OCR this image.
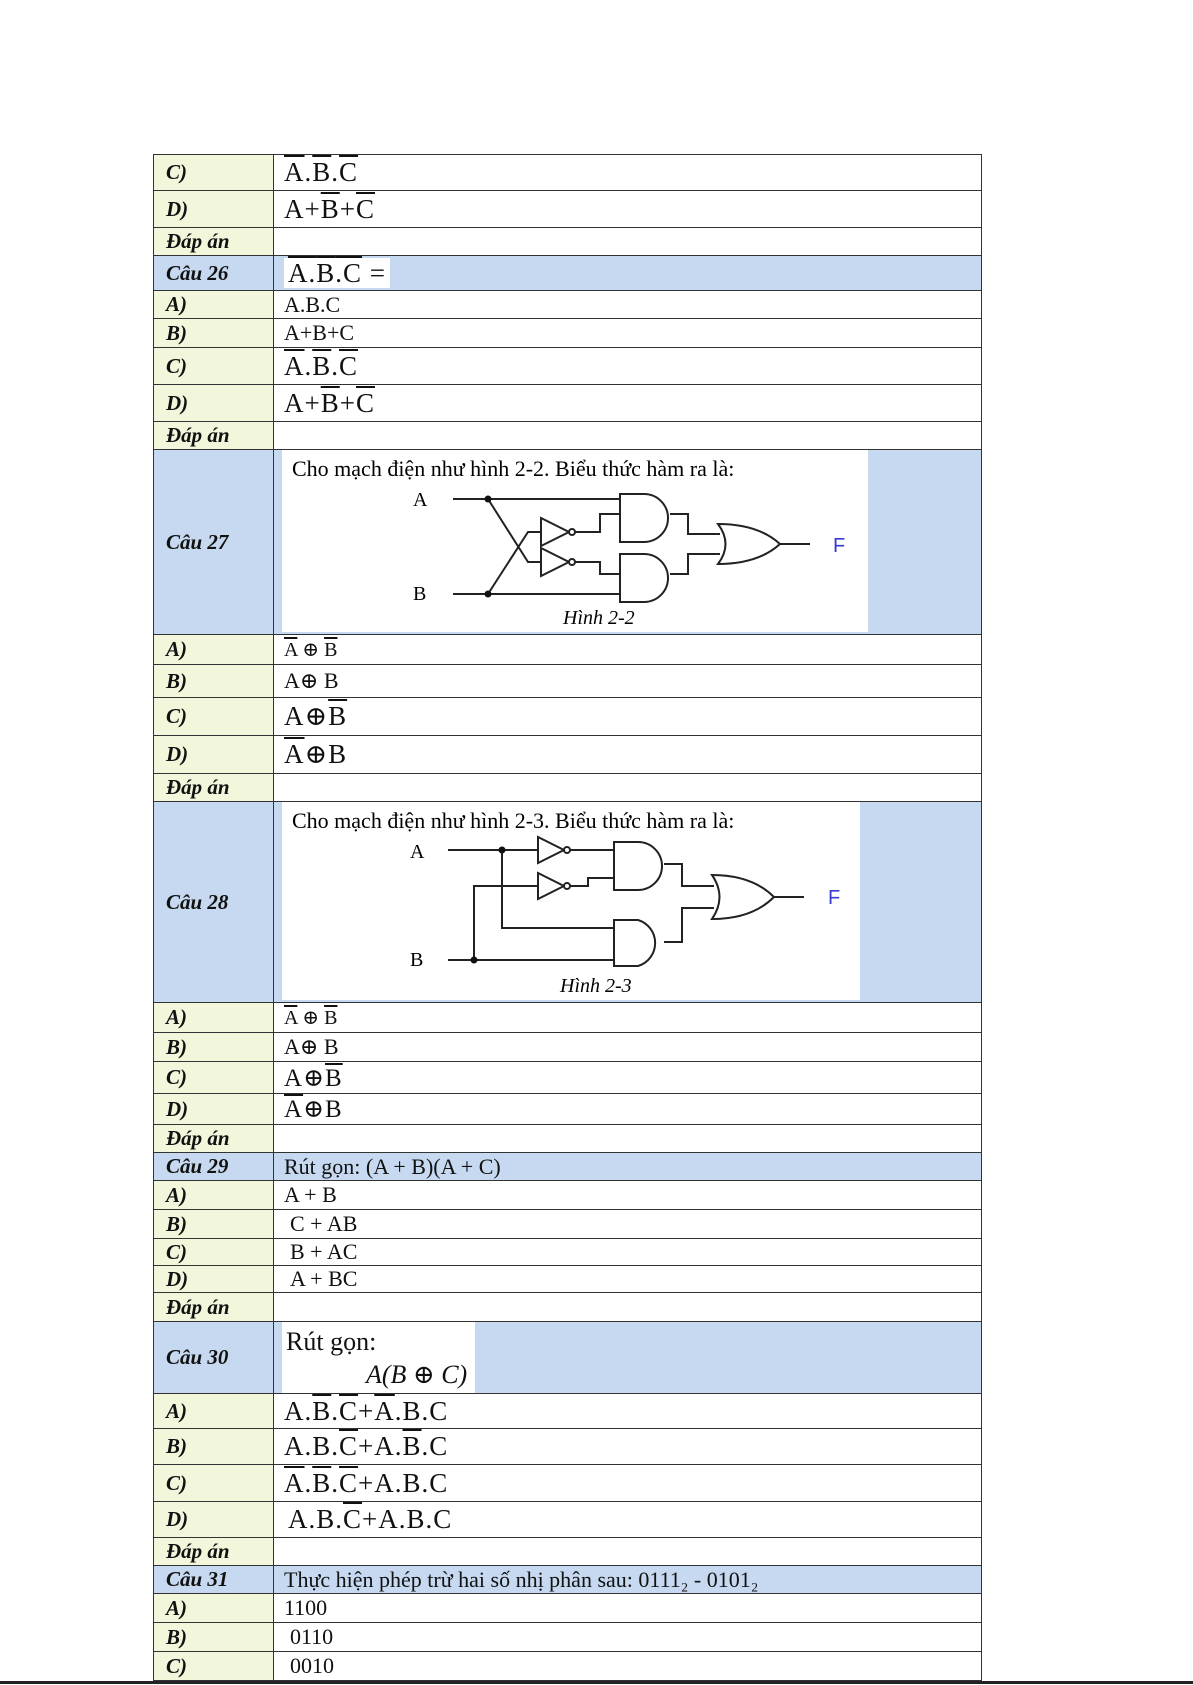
C)	$\overline{A}.\overline{B}.\overline{C}$
D)	$A+\overline{B}+\overline{C}$
Đáp án	
Câu 26	$\overline{A}.\overline{B}.\overline{C}$ =
A)	A.B.C
B)	A+B+C
C)	$\overline{A}.\overline{B}.\overline{C}$
D)	$A+\overline{B}+\overline{C}$
Đáp án	
Câu 27	Cho mạch điện như hình 2-2. Biểu thức hàm ra là:
A
B
F
Hình 2-2

A)	$\overline{A}$ ⊕ $\overline{B}$
B)	A⊕ B
C)	$A\oplus\overline{B}$
D)	$\overline{A}\oplus B$
Đáp án	
Câu 28	Cho mạch điện như hình 2-3. Biểu thức hàm ra là:
A
B
F
Hình 2-3

A)	$\overline{A}$ ⊕ $\overline{B}$
B)	A⊕ B
C)	$A\oplus\overline{B}$
D)	$\overline{A}\oplus B$
Đáp án	
Câu 29	Rút gọn: (A + B)(A + C)
A)	A + B
B)	C + AB
C)	B + AC
D)	A + BC
Đáp án	
Câu 30	Rút gọn:
A(B ⊕ C)

A)	$A.\overline{B}.\overline{C}+\overline{A}.B.C$
B)	$A.B.\overline{C}+A.\overline{B}.C$
C)	$\overline{A}.\overline{B}.\overline{C}+A.B.C$
D)	$A.B.\overline{C}+A.B.C$
Đáp án	
Câu 31	Thực hiện phép trừ hai số nhị phân sau: 0111₂ - 0101₂
A)	1100
B)	0110
C)	0010
